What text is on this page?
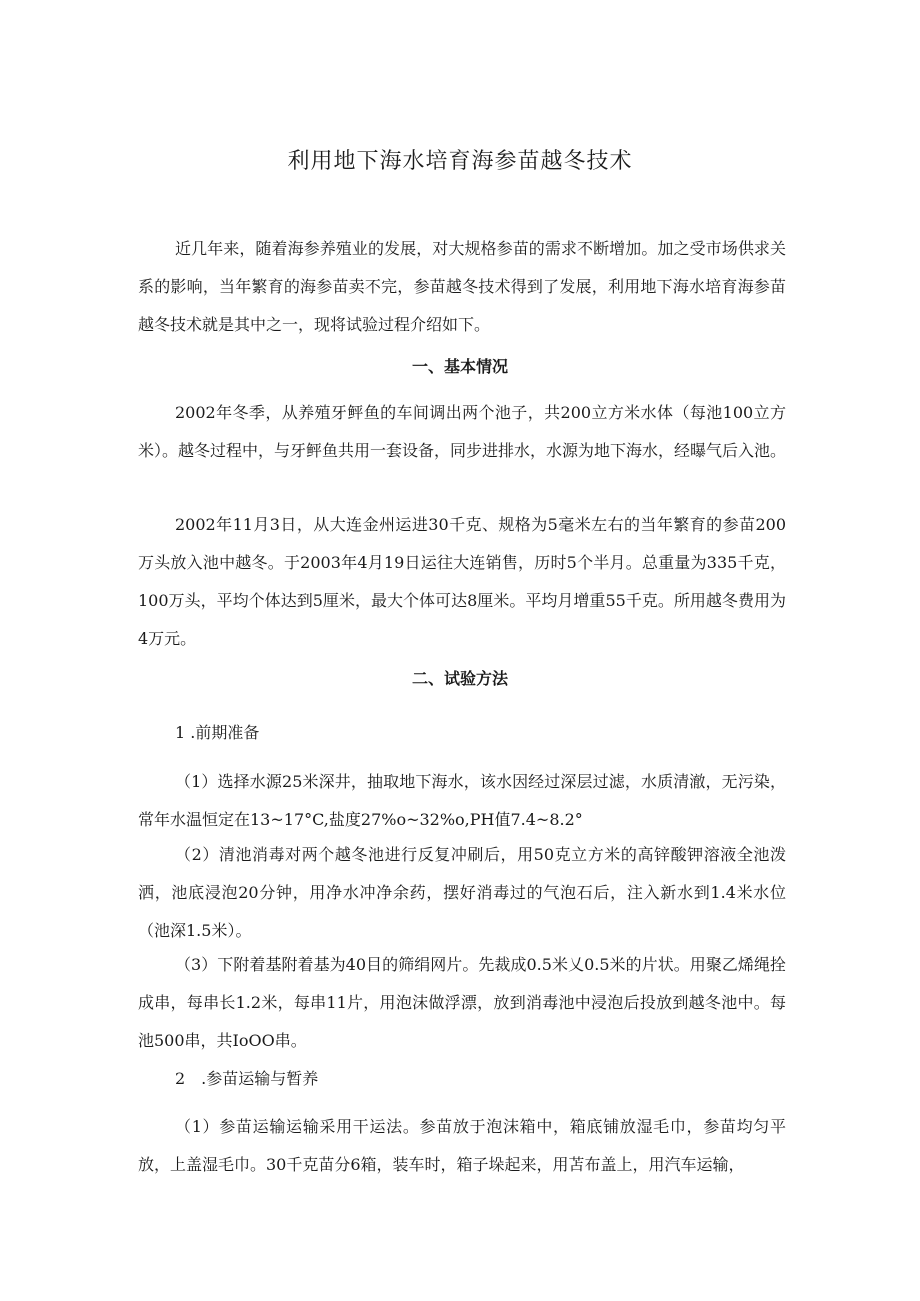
利用地下海水培育海参苗越冬技术

近几年来，随着海参养殖业的发展，对大规格参苗的需求不断增加。加之受市场供求关系的影响，当年繁育的海参苗卖不完，参苗越冬技术得到了发展，利用地下海水培育海参苗越冬技术就是其中之一，现将试验过程介绍如下。

一、基本情况

2002年冬季，从养殖牙鲆鱼的车间调出两个池子，共200立方米水体（每池100立方米）。越冬过程中，与牙鲆鱼共用一套设备，同步进排水，水源为地下海水，经曝气后入池。

2002年11月3日，从大连金州运进30千克、规格为5毫米左右的当年繁育的参苗200万头放入池中越冬。于2003年4月19日运往大连销售，历时5个半月。总重量为335千克，100万头，平均个体达到5厘米，最大个体可达8厘米。平均月增重55千克。所用越冬费用为4万元。

二、试验方法

1 .前期准备

（1）选择水源25米深井，抽取地下海水，该水因经过深层过滤，水质清澈，无污染，常年水温恒定在13~17°C,盐度27%o~32%o,PH值7.4~8.2°

（2）清池消毒对两个越冬池进行反复冲刷后，用50克立方米的高锌酸钾溶液全池泼洒，池底浸泡20分钟，用净水冲净余药，摆好消毒过的气泡石后，注入新水到1.4米水位（池深1.5米）。

（3）下附着基附着基为40目的筛绢网片。先裁成0.5米乂0.5米的片状。用聚乙烯绳拴成串，每串长1.2米，每串11片，用泡沫做浮漂，放到消毒池中浸泡后投放到越冬池中。每池500串，共IoOO串。

2　.参苗运输与暂养

（1）参苗运输运输采用干运法。参苗放于泡沫箱中，箱底铺放湿毛巾，参苗均匀平放，上盖湿毛巾。30千克苗分6箱，装车时，箱子垛起来，用苫布盖上，用汽车运输，
